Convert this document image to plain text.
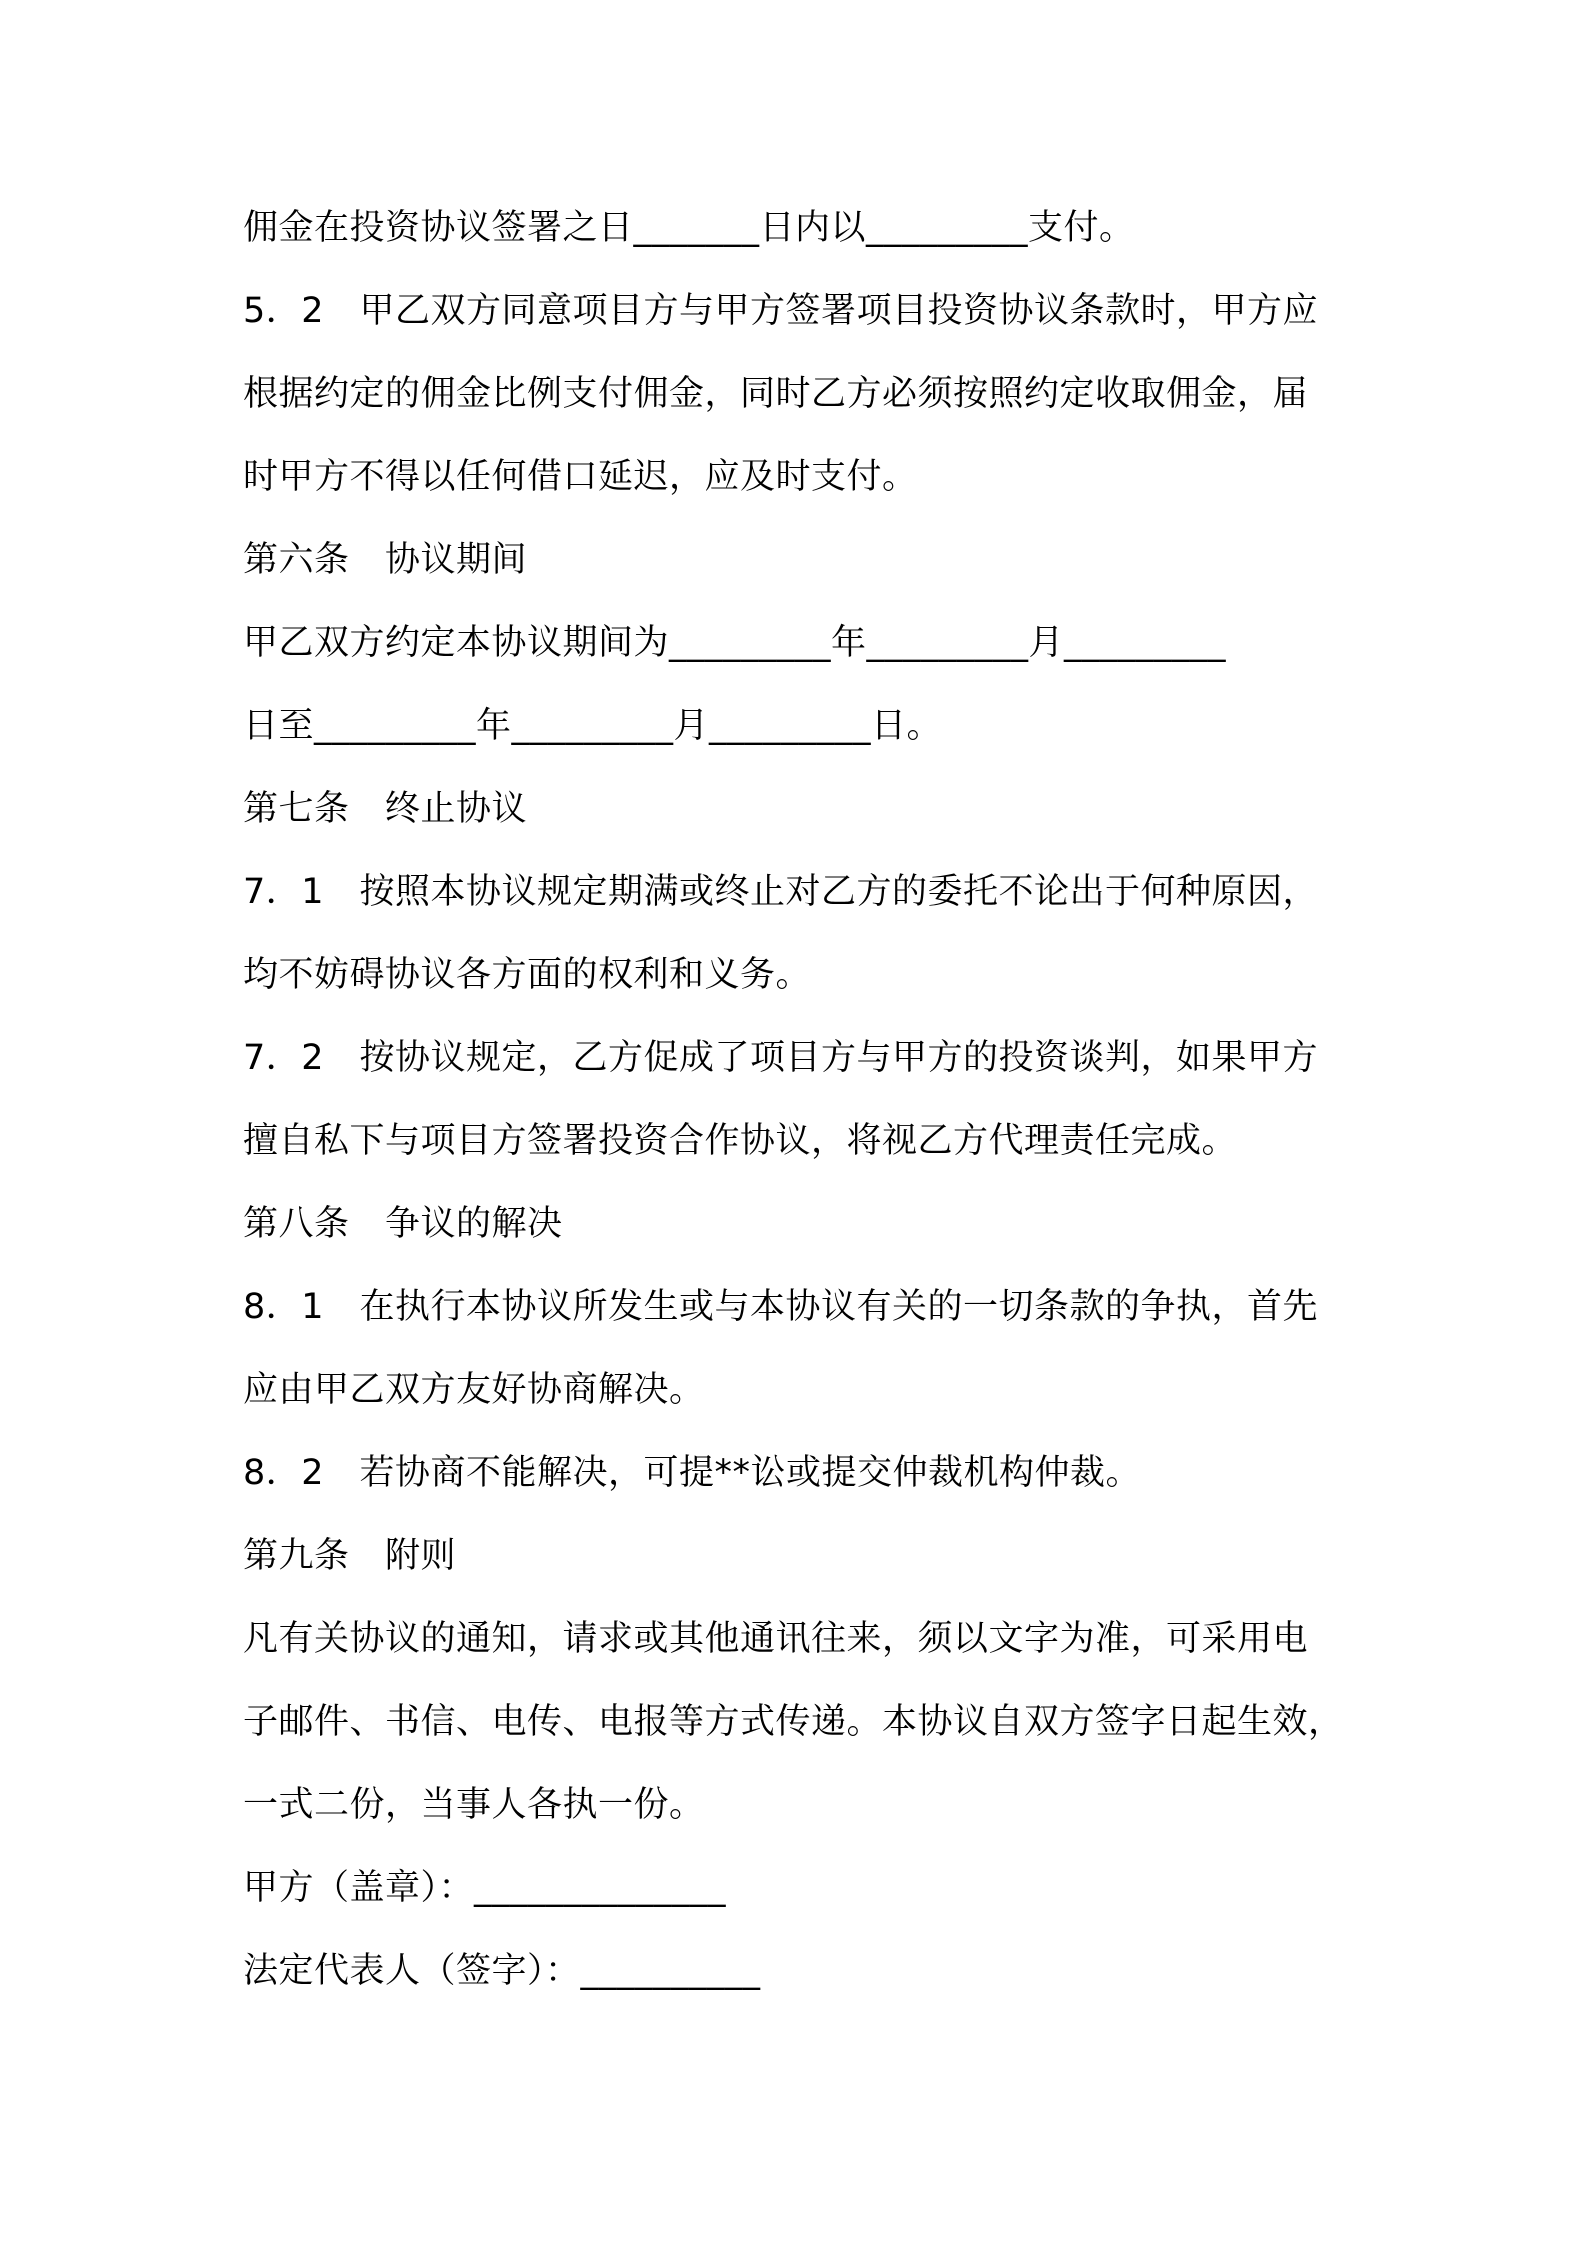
佣金在投资协议签署之日_______日内以_________支付。
5．2　甲乙双方同意项目方与甲方签署项目投资协议条款时，甲方应
根据约定的佣金比例支付佣金，同时乙方必须按照约定收取佣金，届
时甲方不得以任何借口延迟，应及时支付。
第六条　协议期间
甲乙双方约定本协议期间为_________年_________月_________
日至_________年_________月_________日。
第七条　终止协议
7．1　按照本协议规定期满或终止对乙方的委托不论出于何种原因，
均不妨碍协议各方面的权利和义务。
7．2　按协议规定，乙方促成了项目方与甲方的投资谈判，如果甲方
擅自私下与项目方签署投资合作协议，将视乙方代理责任完成。
第八条　争议的解决
8．1　在执行本协议所发生或与本协议有关的一切条款的争执，首先
应由甲乙双方友好协商解决。
8．2　若协商不能解决，可提**讼或提交仲裁机构仲裁。
第九条　附则
凡有关协议的通知，请求或其他通讯往来，须以文字为准，可采用电
子邮件、书信、电传、电报等方式传递。本协议自双方签字日起生效，
一式二份，当事人各执一份。
甲方（盖章）：______________
法定代表人（签字）：__________
